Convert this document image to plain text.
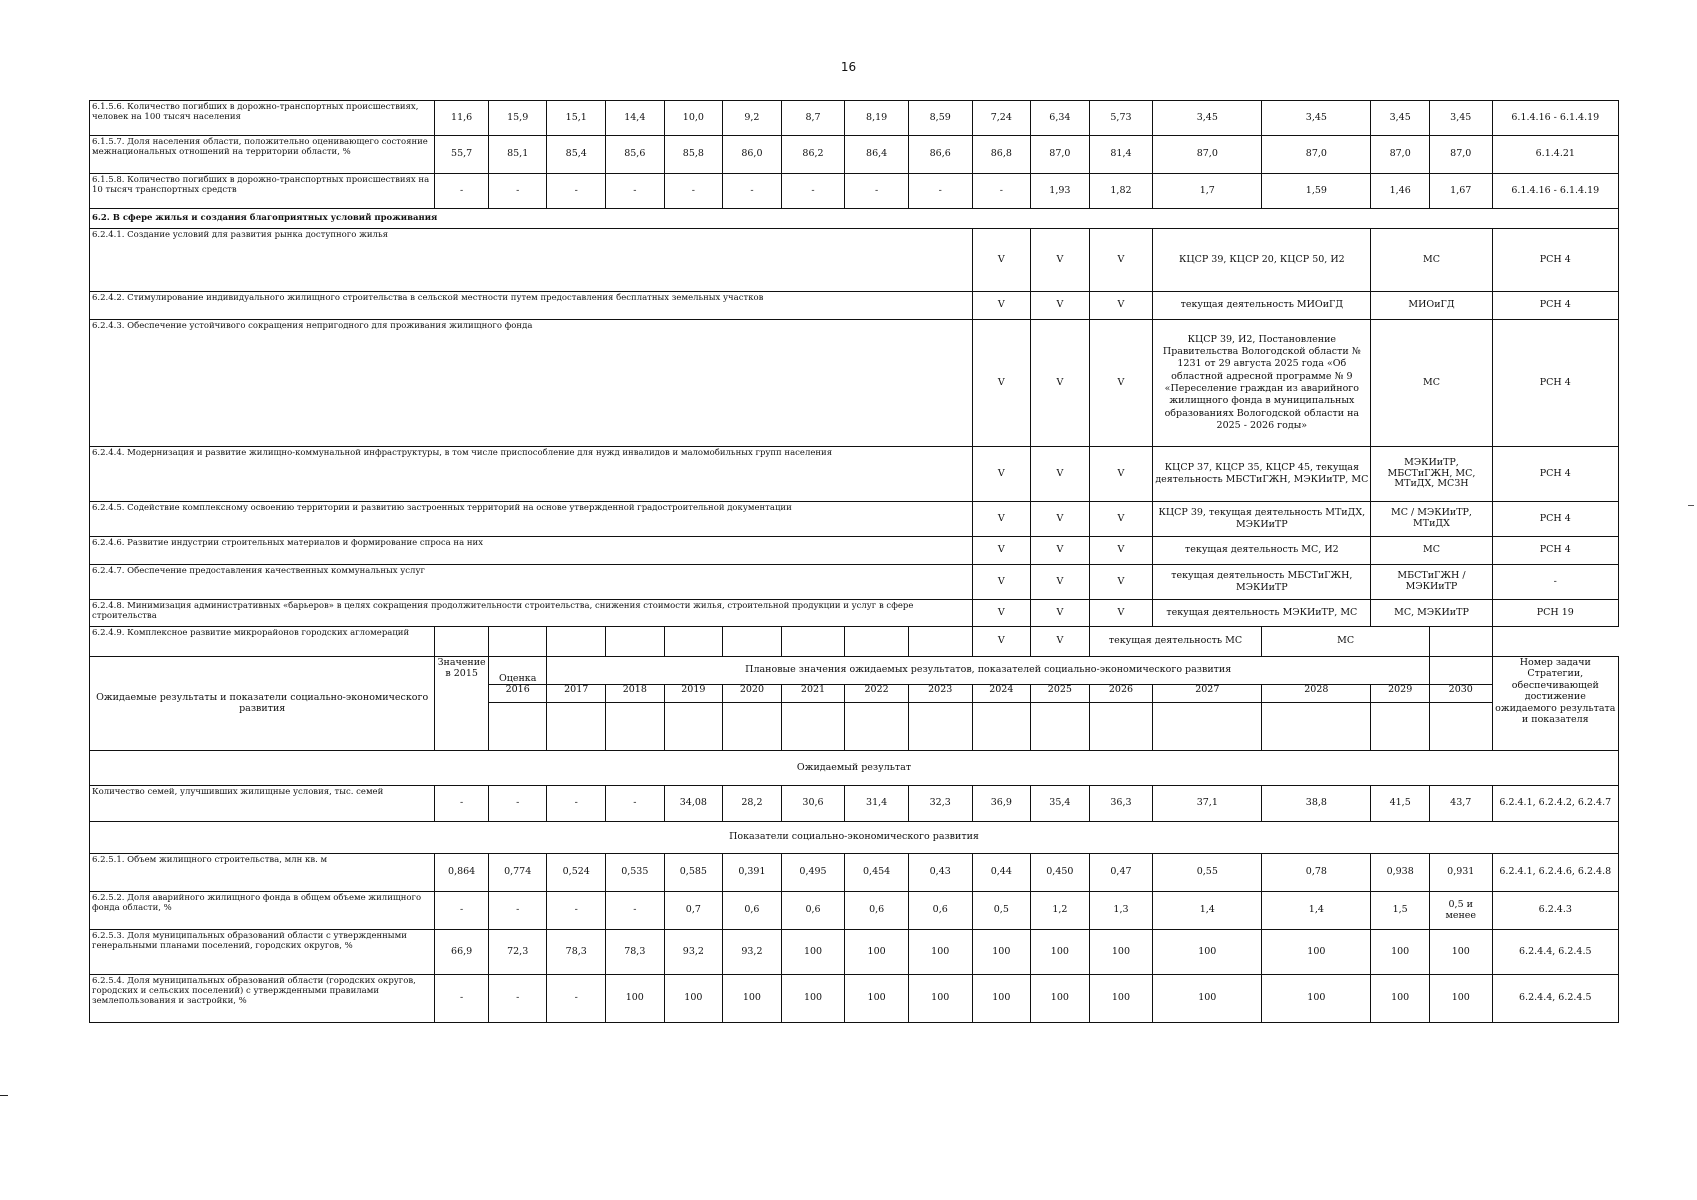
16
6.1.5.6. Количество погибших в дорожно-транспортных происшествиях, человек на 100 тысяч населения	11,6	15,9	15,1	14,4	10,0	9,2	8,7	8,19	8,59	7,24	6,34	5,73	3,45	3,45	3,45	3,45	6.1.4.16 - 6.1.4.19
6.1.5.7. Доля населения области, положительно оценивающего состояние межнациональных отношений на территории области, %	55,7	85,1	85,4	85,6	85,8	86,0	86,2	86,4	86,6	86,8	87,0	81,4	87,0	87,0	87,0	87,0	6.1.4.21
6.1.5.8. Количество погибших в дорожно-транспортных происшествиях на 10 тысяч транспортных средств	-	-	-	-	-	-	-	-	-	-	1,93	1,82	1,7	1,59	1,46	1,67	6.1.4.16 - 6.1.4.19
6.2. В сфере жилья и создания благоприятных условий проживания																	
6.2.4.1. Создание условий для развития рынка доступного жилья										V	V	V	КЦСР 39, КЦСР 20, КЦСР 50, И2		МС		РСН 4
6.2.4.2. Стимулирование индивидуального жилищного строительства в сельской местности путем предоставления бесплатных земельных участков										V	V	V	текущая деятельность МИОиГД		МИОиГД		РСН 4
6.2.4.3. Обеспечение устойчивого сокращения непригодного для проживания жилищного фонда										V	V	V	КЦСР 39, И2, Постановление Правительства Вологодской области № 1231 от 29 августа 2025 года «Об областной адресной программе № 9 «Переселение граждан из аварийного жилищного фонда в муниципальных образованиях Вологодской области на 2025 - 2026 годы»		МС		РСН 4
6.2.4.4. Модернизация и развитие жилищно-коммунальной инфраструктуры, в том числе приспособление для нужд инвалидов и маломобильных групп населения										V	V	V	КЦСР 37, КЦСР 35, КЦСР 45, текущая деятельность МБСТиГЖН, МЭКИиТР, МС		МЭКИиТР, МБСТиГЖН, МС, МТиДХ, МСЗН		РСН 4
6.2.4.5. Содействие комплексному освоению территории и развитию застроенных территорий на основе утвержденной градостроительной документации										V	V	V	КЦСР 39, текущая деятельность МТиДХ, МЭКИиТР		МС / МЭКИиТР, МТиДХ		РСН 4
6.2.4.6. Развитие индустрии строительных материалов и формирование спроса на них										V	V	V	текущая деятельность МС, И2		МС		РСН 4
6.2.4.7. Обеспечение предоставления качественных коммунальных услуг										V	V	V	текущая деятельность МБСТиГЖН, МЭКИиТР		МБСТиГЖН / МЭКИиТР		-
6.2.4.8. Минимизация административных «барьеров» в целях сокращения продолжительности строительства, снижения стоимости жилья, строительной продукции и услуг в сфере строительства										V	V	V	текущая деятельность МЭКИиТР, МС		МС, МЭКИиТР		РСН 19
6.2.4.9. Комплексное развитие микрорайонов городских агломераций										V	V	текущая деятельность МС		МС			
Ожидаемые результаты и показатели социально-экономического развития	Значение в 2015	Оценка	Плановые значения ожидаемых результатов, показателей социально-экономического развития														Номер задачи Стратегии, обеспечивающей достижение ожидаемого результата и показателя
		2016	2017	2018	2019	2020	2021	2022	2023	2024	2025	2026	2027	2028	2029	2030	

Ожидаемый результат																	
Количество семей, улучшивших жилищные условия, тыс. семей	-	-	-	-	34,08	28,2	30,6	31,4	32,3	36,9	35,4	36,3	37,1	38,8	41,5	43,7	6.2.4.1, 6.2.4.2, 6.2.4.7
Показатели социально-экономического развития																	
6.2.5.1. Объем жилищного строительства, млн кв. м	0,864	0,774	0,524	0,535	0,585	0,391	0,495	0,454	0,43	0,44	0,450	0,47	0,55	0,78	0,938	0,931	6.2.4.1, 6.2.4.6, 6.2.4.8
6.2.5.2. Доля аварийного жилищного фонда в общем объеме жилищного фонда области, %	-	-	-	-	0,7	0,6	0,6	0,6	0,6	0,5	1,2	1,3	1,4	1,4	1,5	0,5 и менее	6.2.4.3
6.2.5.3. Доля муниципальных образований области с утвержденными генеральными планами поселений, городских округов, %	66,9	72,3	78,3	78,3	93,2	93,2	100	100	100	100	100	100	100	100	100	100	6.2.4.4, 6.2.4.5
6.2.5.4. Доля муниципальных образований области (городских округов, городских и сельских поселений) с утвержденными правилами землепользования и застройки, %	-	-	-	100	100	100	100	100	100	100	100	100	100	100	100	100	6.2.4.4, 6.2.4.5
